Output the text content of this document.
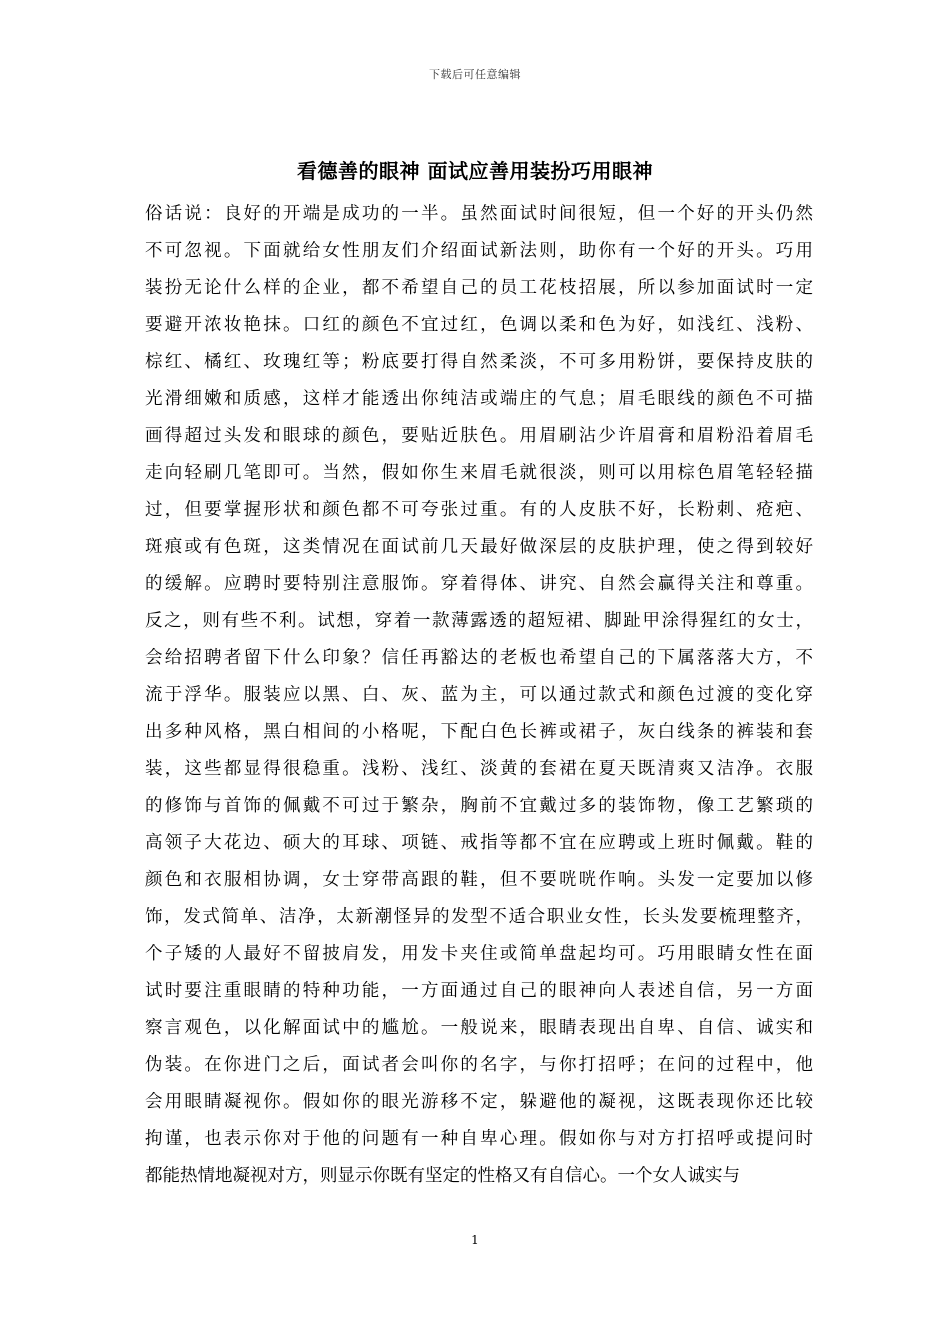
下载后可任意编辑
看德善的眼神 面试应善用装扮巧用眼神
俗话说：良好的开端是成功的一半。虽然面试时间很短，但一个好的开头仍然
不可忽视。下面就给女性朋友们介绍面试新法则，助你有一个好的开头。巧用
装扮无论什么样的企业，都不希望自己的员工花枝招展，所以参加面试时一定
要避开浓妆艳抹。口红的颜色不宜过红，色调以柔和色为好，如浅红、浅粉、
棕红、橘红、玫瑰红等；粉底要打得自然柔淡，不可多用粉饼，要保持皮肤的
光滑细嫩和质感，这样才能透出你纯洁或端庄的气息；眉毛眼线的颜色不可描
画得超过头发和眼球的颜色，要贴近肤色。用眉刷沾少许眉膏和眉粉沿着眉毛
走向轻刷几笔即可。当然，假如你生来眉毛就很淡，则可以用棕色眉笔轻轻描
过，但要掌握形状和颜色都不可夸张过重。有的人皮肤不好，长粉刺、疮疤、
斑痕或有色斑，这类情况在面试前几天最好做深层的皮肤护理，使之得到较好
的缓解。应聘时要特别注意服饰。穿着得体、讲究、自然会赢得关注和尊重。
反之，则有些不利。试想，穿着一款薄露透的超短裙、脚趾甲涂得猩红的女士，
会给招聘者留下什么印象？信任再豁达的老板也希望自己的下属落落大方，不
流于浮华。服装应以黑、白、灰、蓝为主，可以通过款式和颜色过渡的变化穿
出多种风格，黑白相间的小格呢，下配白色长裤或裙子，灰白线条的裤装和套
装，这些都显得很稳重。浅粉、浅红、淡黄的套裙在夏天既清爽又洁净。衣服
的修饰与首饰的佩戴不可过于繁杂，胸前不宜戴过多的装饰物，像工艺繁琐的
高领子大花边、硕大的耳球、项链、戒指等都不宜在应聘或上班时佩戴。鞋的
颜色和衣服相协调，女士穿带高跟的鞋，但不要咣咣作响。头发一定要加以修
饰，发式简单、洁净，太新潮怪异的发型不适合职业女性，长头发要梳理整齐，
个子矮的人最好不留披肩发，用发卡夹住或简单盘起均可。巧用眼睛女性在面
试时要注重眼睛的特种功能，一方面通过自己的眼神向人表述自信，另一方面
察言观色，以化解面试中的尴尬。一般说来，眼睛表现出自卑、自信、诚实和
伪装。在你进门之后，面试者会叫你的名字，与你打招呼；在问的过程中，他
会用眼睛凝视你。假如你的眼光游移不定，躲避他的凝视，这既表现你还比较
拘谨，也表示你对于他的问题有一种自卑心理。假如你与对方打招呼或提问时
都能热情地凝视对方，则显示你既有坚定的性格又有自信心。一个女人诚实与
1
